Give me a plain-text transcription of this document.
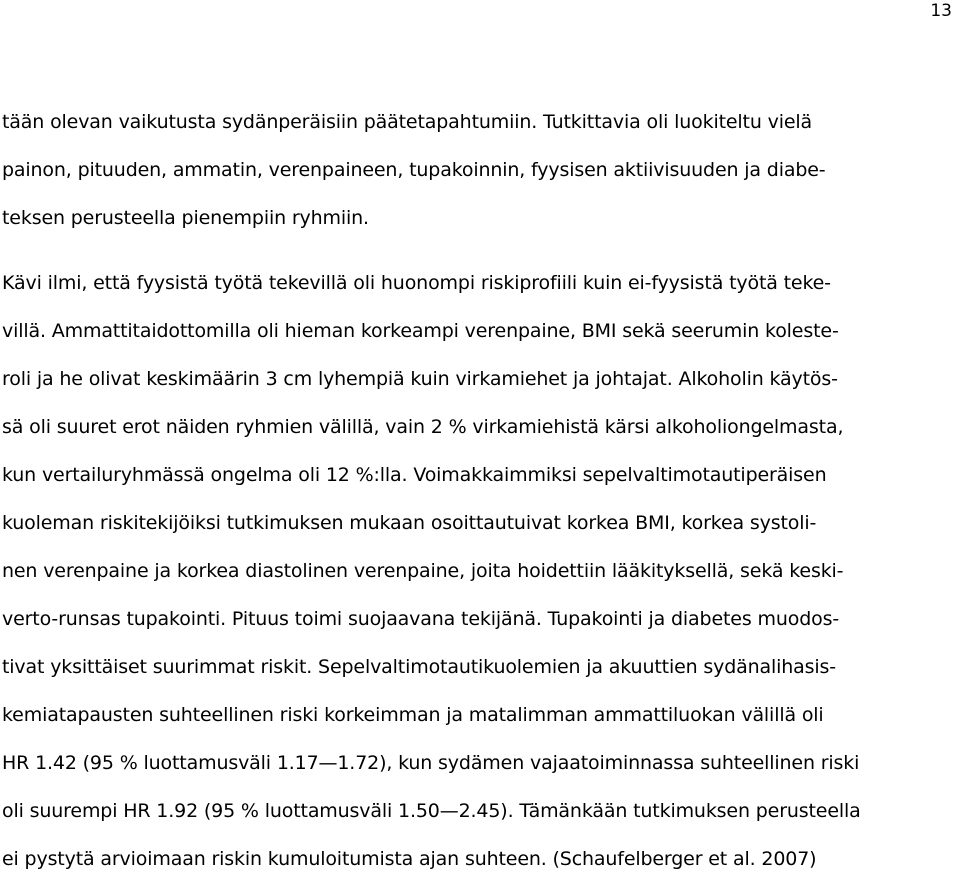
13
tään olevan vaikutusta sydänperäisiin päätetapahtumiin. Tutkittavia oli luokiteltu vielä
painon, pituuden, ammatin, verenpaineen, tupakoinnin, fyysisen aktiivisuuden ja diabe-
teksen perusteella pienempiin ryhmiin.
Kävi ilmi, että fyysistä työtä tekevillä oli huonompi riskiprofiili kuin ei-fyysistä työtä teke-
villä. Ammattitaidottomilla oli hieman korkeampi verenpaine, BMI sekä seerumin koleste-
roli ja he olivat keskimäärin 3 cm lyhempiä kuin virkamiehet ja johtajat. Alkoholin käytös-
sä oli suuret erot näiden ryhmien välillä, vain 2 % virkamiehistä kärsi alkoholiongelmasta,
kun vertailuryhmässä ongelma oli 12 %:lla. Voimakkaimmiksi sepelvaltimotautiperäisen
kuoleman riskitekijöiksi tutkimuksen mukaan osoittautuivat korkea BMI, korkea systoli-
nen verenpaine ja korkea diastolinen verenpaine, joita hoidettiin lääkityksellä, sekä keski-
verto-runsas tupakointi. Pituus toimi suojaavana tekijänä. Tupakointi ja diabetes muodos-
tivat yksittäiset suurimmat riskit. Sepelvaltimotautikuolemien ja akuuttien sydänalihasis-
kemiatapausten suhteellinen riski korkeimman ja matalimman ammattiluokan välillä oli
HR 1.42 (95 % luottamusväli 1.17—1.72), kun sydämen vajaatoiminnassa suhteellinen riski
oli suurempi HR 1.92 (95 % luottamusväli 1.50—2.45). Tämänkään tutkimuksen perusteella
ei pystytä arvioimaan riskin kumuloitumista ajan suhteen. (Schaufelberger et al. 2007)
